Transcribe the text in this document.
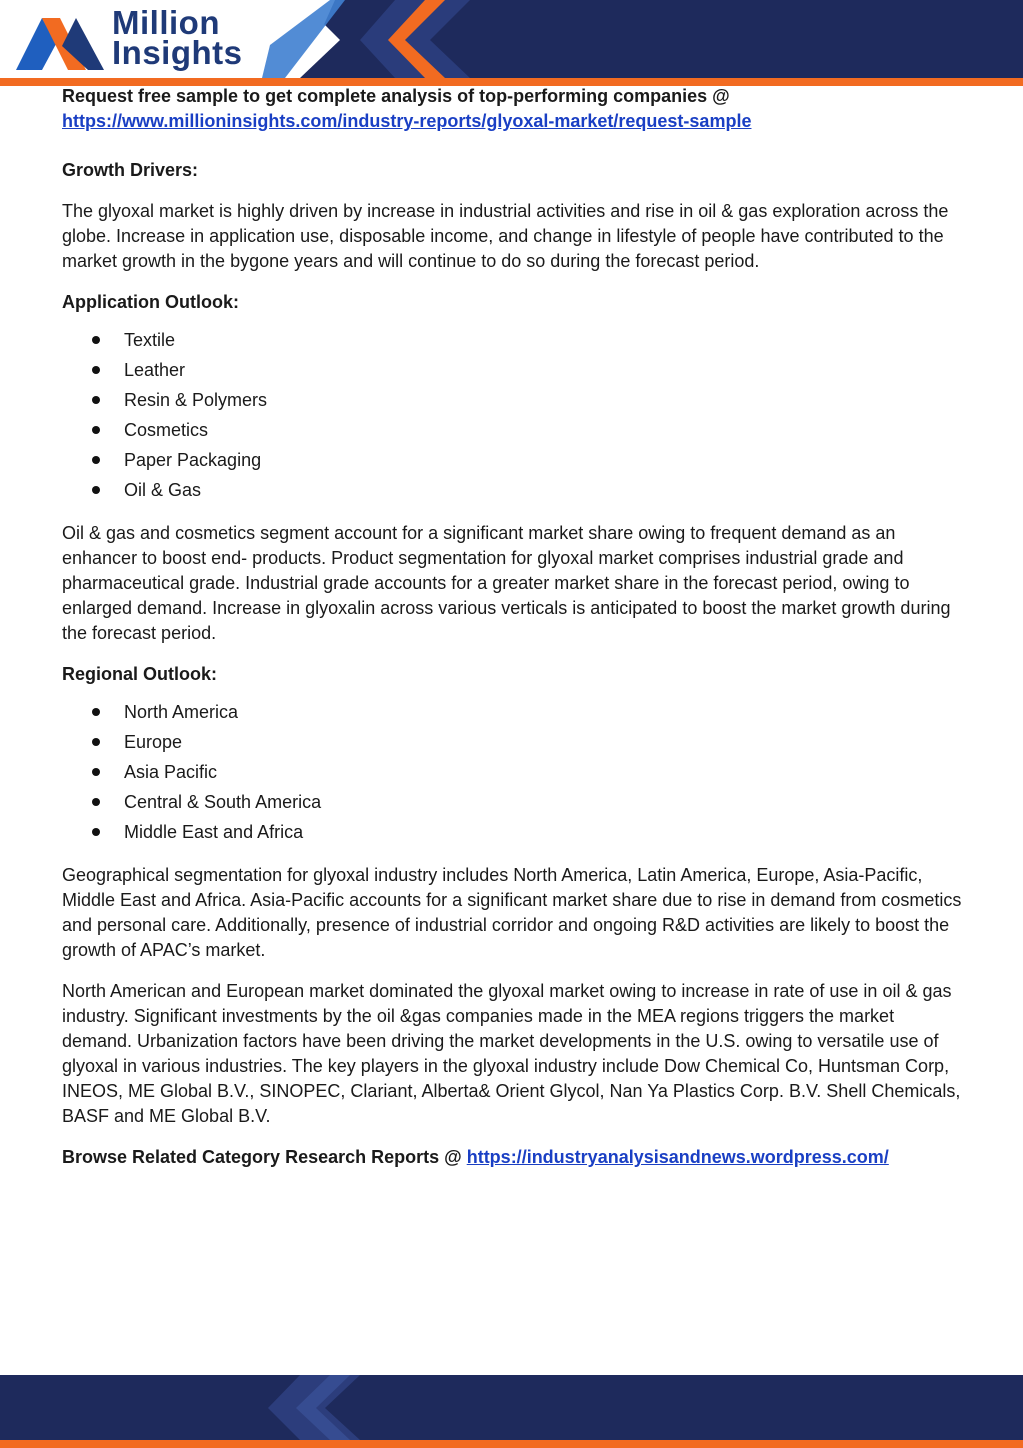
Million
Insights

Request free sample to get complete analysis of top-performing companies @

https://www.millioninsights.com/industry-reports/glyoxal-market/request-sample

Growth Drivers:

The glyoxal market is highly driven by increase in industrial activities and rise in oil & gas exploration across the globe. Increase in application use, disposable income, and change in lifestyle of people have contributed to the market growth in the bygone years and will continue to do so during the forecast period.

Application Outlook:

Textile
Leather
Resin & Polymers
Cosmetics
Paper Packaging
Oil & Gas

Oil & gas and cosmetics segment account for a significant market share owing to frequent demand as an enhancer to boost end- products. Product segmentation for glyoxal market comprises industrial grade and pharmaceutical grade. Industrial grade accounts for a greater market share in the forecast period, owing to enlarged demand. Increase in glyoxalin across various verticals is anticipated to boost the market growth during the forecast period.

Regional Outlook:

North America
Europe
Asia Pacific
Central & South America
Middle East and Africa

Geographical segmentation for glyoxal industry includes North America, Latin America, Europe, Asia-Pacific, Middle East and Africa. Asia-Pacific accounts for a significant market share due to rise in demand from cosmetics and personal care. Additionally, presence of industrial corridor and ongoing R&D activities are likely to boost the growth of APAC’s market.

North American and European market dominated the glyoxal market owing to increase in rate of use in oil & gas industry. Significant investments by the oil &gas companies made in the MEA regions triggers the market demand. Urbanization factors have been driving the market developments in the U.S. owing to versatile use of glyoxal in various industries. The key players in the glyoxal industry include Dow Chemical Co, Huntsman Corp, INEOS, ME Global B.V., SINOPEC, Clariant, Alberta& Orient Glycol, Nan Ya Plastics Corp. B.V. Shell Chemicals, BASF and ME Global B.V.

Browse Related Category Research Reports @ https://industryanalysisandnews.wordpress.com/
